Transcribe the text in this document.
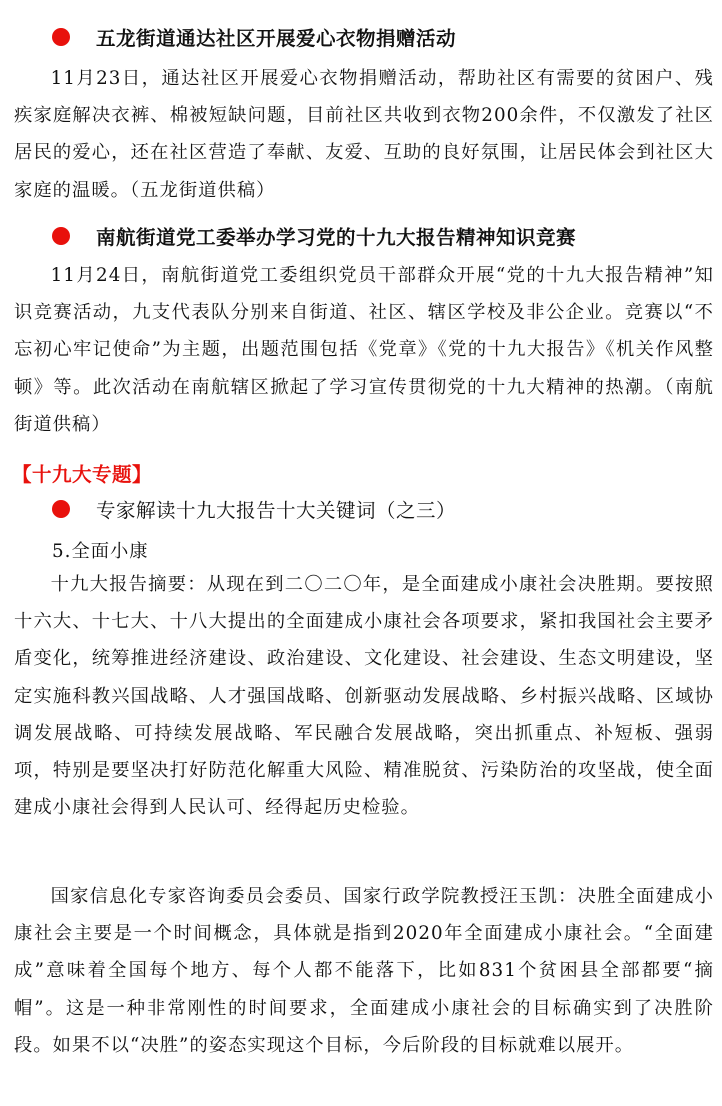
五龙街道通达社区开展爱心衣物捐赠活动

11月23日，通达社区开展爱心衣物捐赠活动，帮助社区有需要的贫困户、残疾家庭解决衣裤、棉被短缺问题，目前社区共收到衣物200余件，不仅激发了社区居民的爱心，还在社区营造了奉献、友爱、互助的良好氛围，让居民体会到社区大家庭的温暖。（五龙街道供稿）

南航街道党工委举办学习党的十九大报告精神知识竞赛

11月24日，南航街道党工委组织党员干部群众开展“党的十九大报告精神”知识竞赛活动，九支代表队分别来自街道、社区、辖区学校及非公企业。竞赛以“不忘初心牢记使命”为主题，出题范围包括《党章》《党的十九大报告》《机关作风整顿》等。此次活动在南航辖区掀起了学习宣传贯彻党的十九大精神的热潮。（南航街道供稿）

【十九大专题】
专家解读十九大报告十大关键词（之三）
5.全面小康

十九大报告摘要：从现在到二〇二〇年，是全面建成小康社会决胜期。要按照十六大、十七大、十八大提出的全面建成小康社会各项要求，紧扣我国社会主要矛盾变化，统筹推进经济建设、政治建设、文化建设、社会建设、生态文明建设，坚定实施科教兴国战略、人才强国战略、创新驱动发展战略、乡村振兴战略、区域协调发展战略、可持续发展战略、军民融合发展战略，突出抓重点、补短板、强弱项，特别是要坚决打好防范化解重大风险、精准脱贫、污染防治的攻坚战，使全面建成小康社会得到人民认可、经得起历史检验。

国家信息化专家咨询委员会委员、国家行政学院教授汪玉凯：决胜全面建成小康社会主要是一个时间概念，具体就是指到2020年全面建成小康社会。“全面建成”意味着全国每个地方、每个人都不能落下，比如831个贫困县全部都要“摘帽”。这是一种非常刚性的时间要求，全面建成小康社会的目标确实到了决胜阶段。如果不以“决胜”的姿态实现这个目标，今后阶段的目标就难以展开。
